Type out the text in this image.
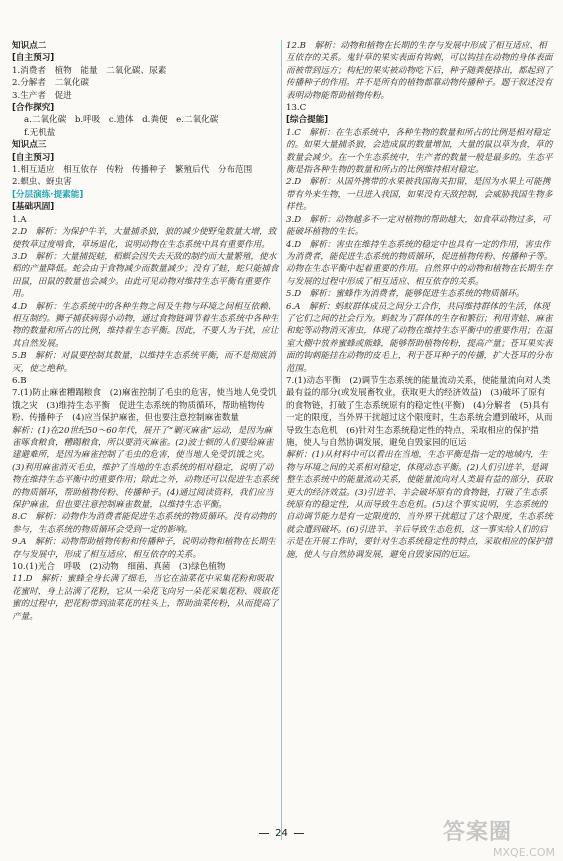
知识点二

[自主预习]

1.消费者　植物　能量　二氧化碳、尿素

2.分解者　二氧化碳

3.生产者　促进

[合作探究]

a.二氧化碳　b.呼吸　c.遗体　d.粪便　e.二氧化碳

f.无机盐

知识点三

[自主预习]

1.相互适应　相互依存　传粉　传播种子　繁殖后代　分布范围

2.螟虫、蚜虫害

[分层演练·提素能]

[基础巩固]

1.A

2.D　解析：为保护牛羊，大量捕杀狼，狼的减少使野兔数量大增，致使牧草过度啃食，草场退化，说明动物在生态系统中具有重要作用。

3.D　解析：大量捕捉蛙，稻螟会因失去天敌的制约而大量繁殖，使水稻的产量降低。蛇会由于食物减少而数量减少；没有了蛙，蛇只能捕食田鼠，田鼠的数量也会减少。由此可见动物对维持生态平衡有重要作用。

4.D　解析：生态系统中的各种生物之间及生物与环境之间相互依赖、相互制约。狮子捕获病弱小动物，通过食物链调节着生态系统中各种生物的数量和所占的比例，维持着生态平衡。因此，不要人为干扰，应让其自然发展。

5.B　解析：对鼠要控制其数量，以维持生态系统平衡，而不是彻底消灭，使之绝种。

6.B

7.(1)防止麻雀糟蹋粮食　(2)麻雀控制了毛虫的危害，使当地人免受饥饿之灾　(3)维持生态平衡　促进生态系统的物质循环，帮助植物传粉、传播种子　(4)应当保护麻雀，但也要注意控制麻雀数量

解析：(1)在20世纪50～60年代，展开了“剿灭麻雀”运动，是因为麻雀啄食粮食，糟蹋粮食，所以要消灭麻雀。(2)波士顿的人们要给麻雀建避难所，是因为麻雀控制了毛虫的危害，使当地人免受饥饿之灾。(3)利用麻雀消灭毛虫，维护了当地的生态系统的相对稳定，说明了动物在维持生态平衡中的重要作用；除此之外，动物还可以促进生态系统的物质循环，帮助植物传粉、传播种子。(4)通过阅读资料，我们应当保护麻雀，但也要注意控制麻雀数量，以维持生态平衡。

8.C　解析：动物作为消费者能促进生态系统的物质循环。没有动物的参与，生态系统的物质循环会受到一定的影响。

9.A　解析：动物帮助植物传粉和传播种子，说明动物和植物在长期生存与发展中，形成了相互适应、相互依存的关系。

10.(1)光合　呼吸　(2)动物　细菌、真菌　(3)绿色植物

11.D　解析：蜜蜂全身长满了细毛，当它在油菜花中采集花粉和吸取花蜜时，身上沾满了花粉，它从一朵花飞向另一朵花采集花粉、吸取花蜜的过程中，把花粉带到油菜花的柱头上，帮助油菜传粉，从而提高了产量。

12.B　解析：动物和植物在长期的生存与发展中形成了相互适应、相互依存的关系。鬼针草的果实表面有钩刺，可以钩挂在动物的身体表面而被带到远方；构杞的果实被动物吃下后，种子随粪便排出，都起到了传播种子的作用。并不是所有的植物都靠动物传播种子。题干叙述没有表明动物能帮助植物传粉。

13.C

[综合提能]

1.C　解析：在生态系统中，各种生物的数量和所占的比例是相对稳定的。如果大量捕杀狼，会造成鼠的数量增加，大量的鼠以草为食，草的数量会减少。在一个生态系统中，生产者的数量一般是最多的。生态平衡是指各种生物的数量和所占的比例维持相对稳定。

2.D　解析：从国外携带的水果被我国海关扣留，是因为水果上可能携带有外来生物，一旦进入我国，如果没有天敌控制，会威胁我国生物多样性。

3.D　解析：动物越多不一定对植物的帮助越大，如食草动物过多，可能破坏植物的生长。

4.D　解析：害虫在维持生态系统的稳定中也具有一定的作用，害虫作为消费者，能促进生态系统的物质循环，促进植物传粉、传播种子等。动物在生态平衡中起着重要的作用。自然界中的动物和植物在长期生存与发展的过程中形成了相互适应、相互依存的关系。

5.D　解析：蜜蜂作为消费者，能够促进生态系统的物质循环。

6.A　解析：蚂蚁群体成员之间分工合作，共同维持群体的生活，体现了它们之间的社会行为。蚂蚁为了群体的生存和繁衍；利用青蛙、麻雀和蛇等动物消灭害虫，体现了动物在维持生态平衡中的重要作用；在温室大棚中放养蜜蜂或熊蜂，能够帮助植物传粉，提高产量；苍耳果实表面的钩刺能挂在动物的皮毛上，利于苍耳种子的传播，扩大苍耳的分布范围。

7.(1)动态平衡　(2)调节生态系统的能量流动关系，使能量流向对人类最有益的部分(或发展畜牧业，获取更大的经济效益)　(3)破坏了原有的食物链，打破了生态系统原有的稳定性(平衡)　(4)分解者　(5)具有一定的限度，当外界干扰超过这个限度时，生态系统会遭到破坏，从而导致生态危机　(6)针对生态系统稳定性的特点，采取相应的保护措施，使人与自然协调发展，避免自毁家园的厄运

解析：(1)从材料中可以看出在当地，生态平衡是指一定的地域内，生物与环境之间的关系相对稳定，体现动态平衡。(2)人们引进羊，是调整生态系统中的能量流动关系，使能量流向对人类最有益的部分，获取更大的经济效益。(3)引进羊、羊会破坏原有的食物链，打破了生态系统原有的稳定性，从而导致生态危机。(5)这个事实说明，生态系统的自动调节能力是有一定限度的，当外界干扰超过了这个限度，生态系统就会遭到破坏。(6)引进羊、羊后导致生态危机，这一事实给人们的启示是在开展工作时，要针对生态系统稳定性的特点，采取相应的保护措施，使人与自然协调发展，避免自毁家园的厄运。

24	答案圈
MXQE.COM
